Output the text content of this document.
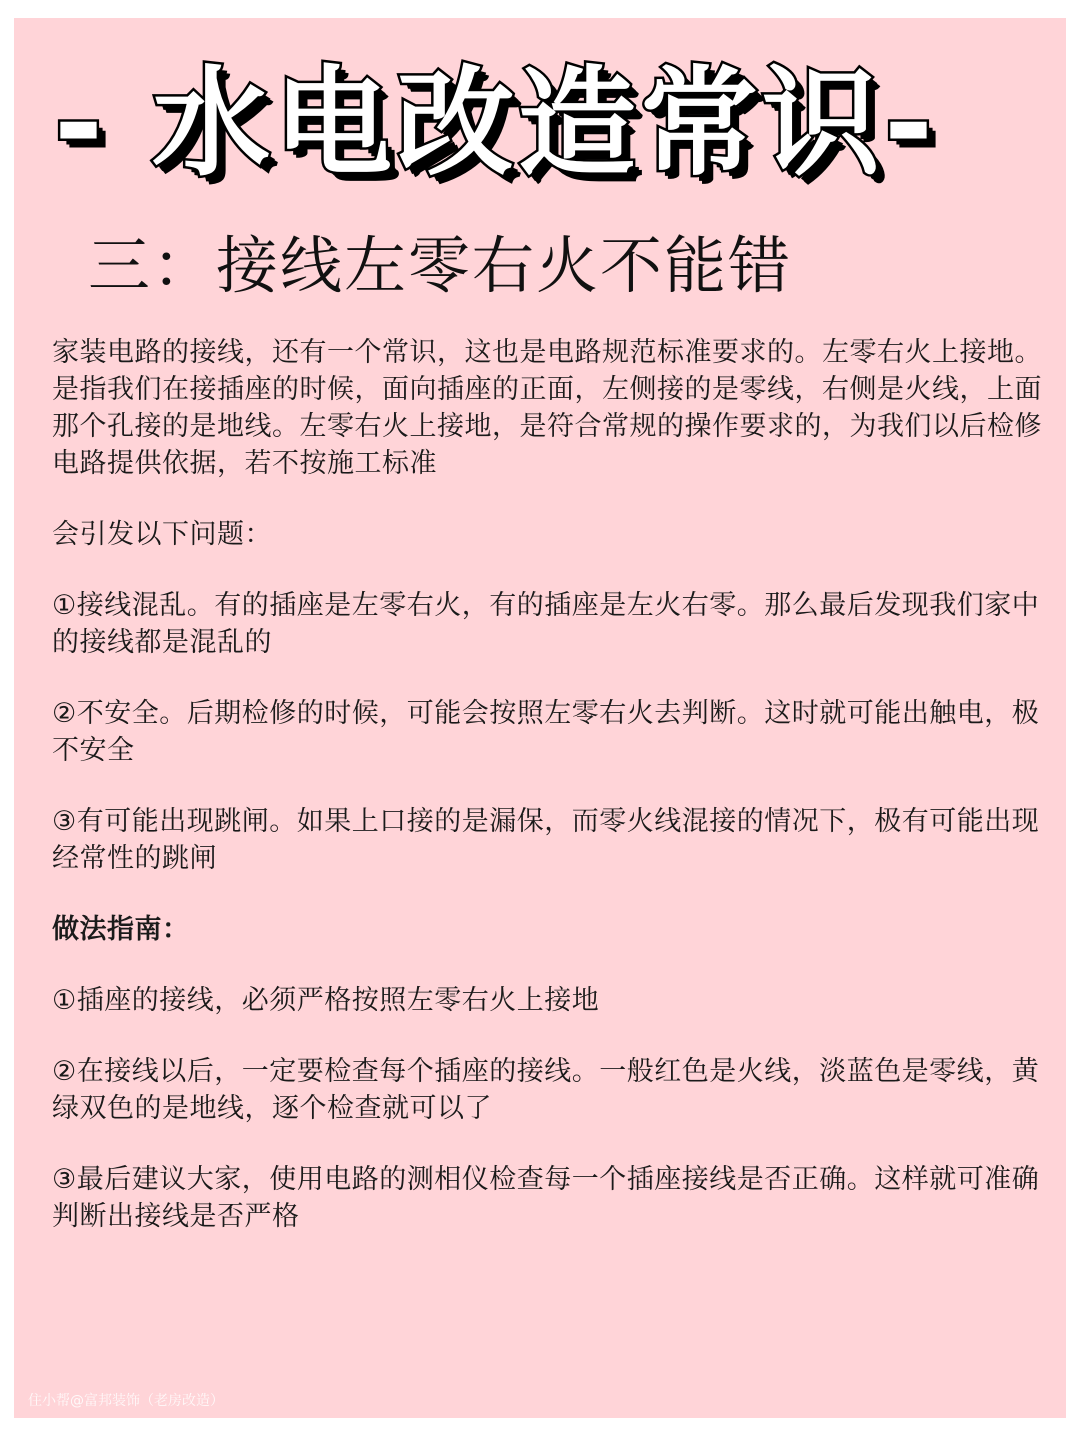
- 水电改造常识-
三：接线左零右火不能错

家装电路的接线，还有一个常识，这也是电路规范标准要求的。左零右火上接地。是指我们在接插座的时候，面向插座的正面，左侧接的是零线，右侧是火线，上面那个孔接的是地线。左零右火上接地，是符合常规的操作要求的，为我们以后检修电路提供依据，若不按施工标准

会引发以下问题：

①接线混乱。有的插座是左零右火，有的插座是左火右零。那么最后发现我们家中的接线都是混乱的

②不安全。后期检修的时候，可能会按照左零右火去判断。这时就可能出触电，极不安全

③有可能出现跳闸。如果上口接的是漏保，而零火线混接的情况下，极有可能出现经常性的跳闸

做法指南：

①插座的接线，必须严格按照左零右火上接地

②在接线以后，一定要检查每个插座的接线。一般红色是火线，淡蓝色是零线，黄绿双色的是地线，逐个检查就可以了

③最后建议大家，使用电路的测相仪检查每一个插座接线是否正确。这样就可准确判断出接线是否严格

住小帮@富邦装饰（老房改造）
